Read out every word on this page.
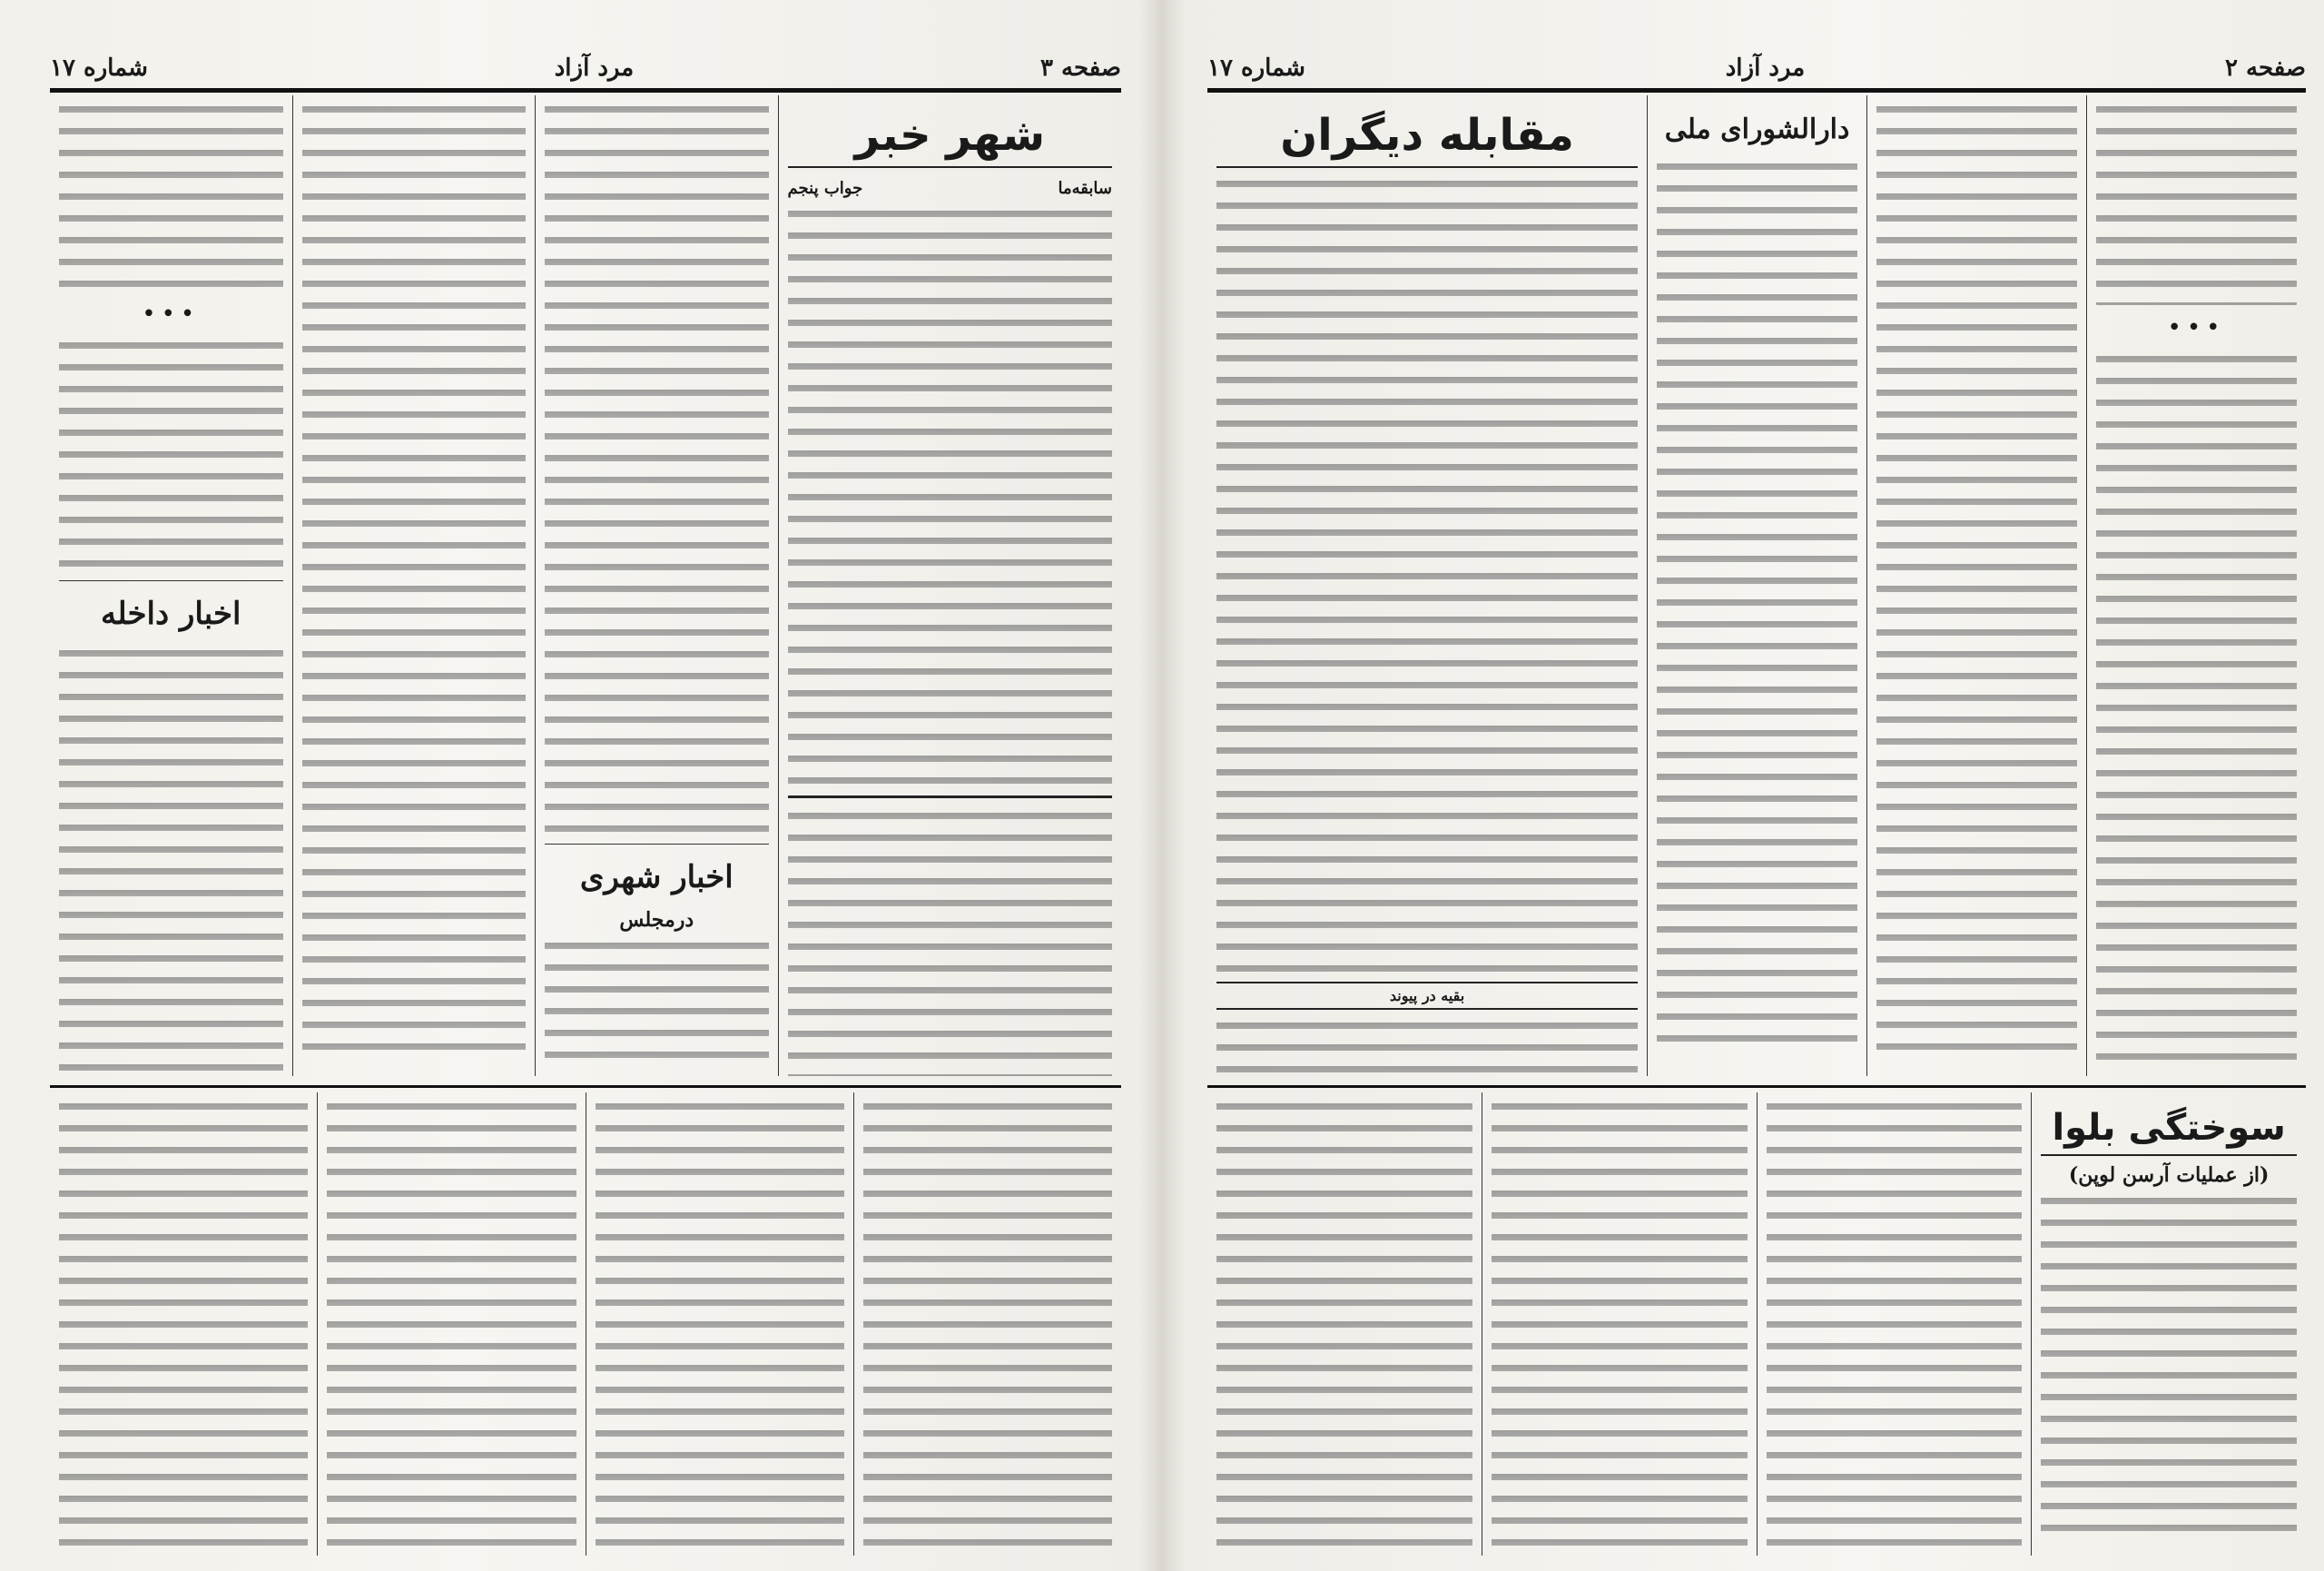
صفحه ۳
مرد آزاد
شماره ۱۷
شهر خبر
سابقه‌ما
جواب پنجم
اخبار شهری
درمجلس
•••
اخبار داخله
صفحه ۲
مرد آزاد
شماره ۱۷
•••
دارالشورای ملی
مقابله دیگران
بقیه در پیوند
سوختگی بلوا
(از عملیات آرسن لوپن)
